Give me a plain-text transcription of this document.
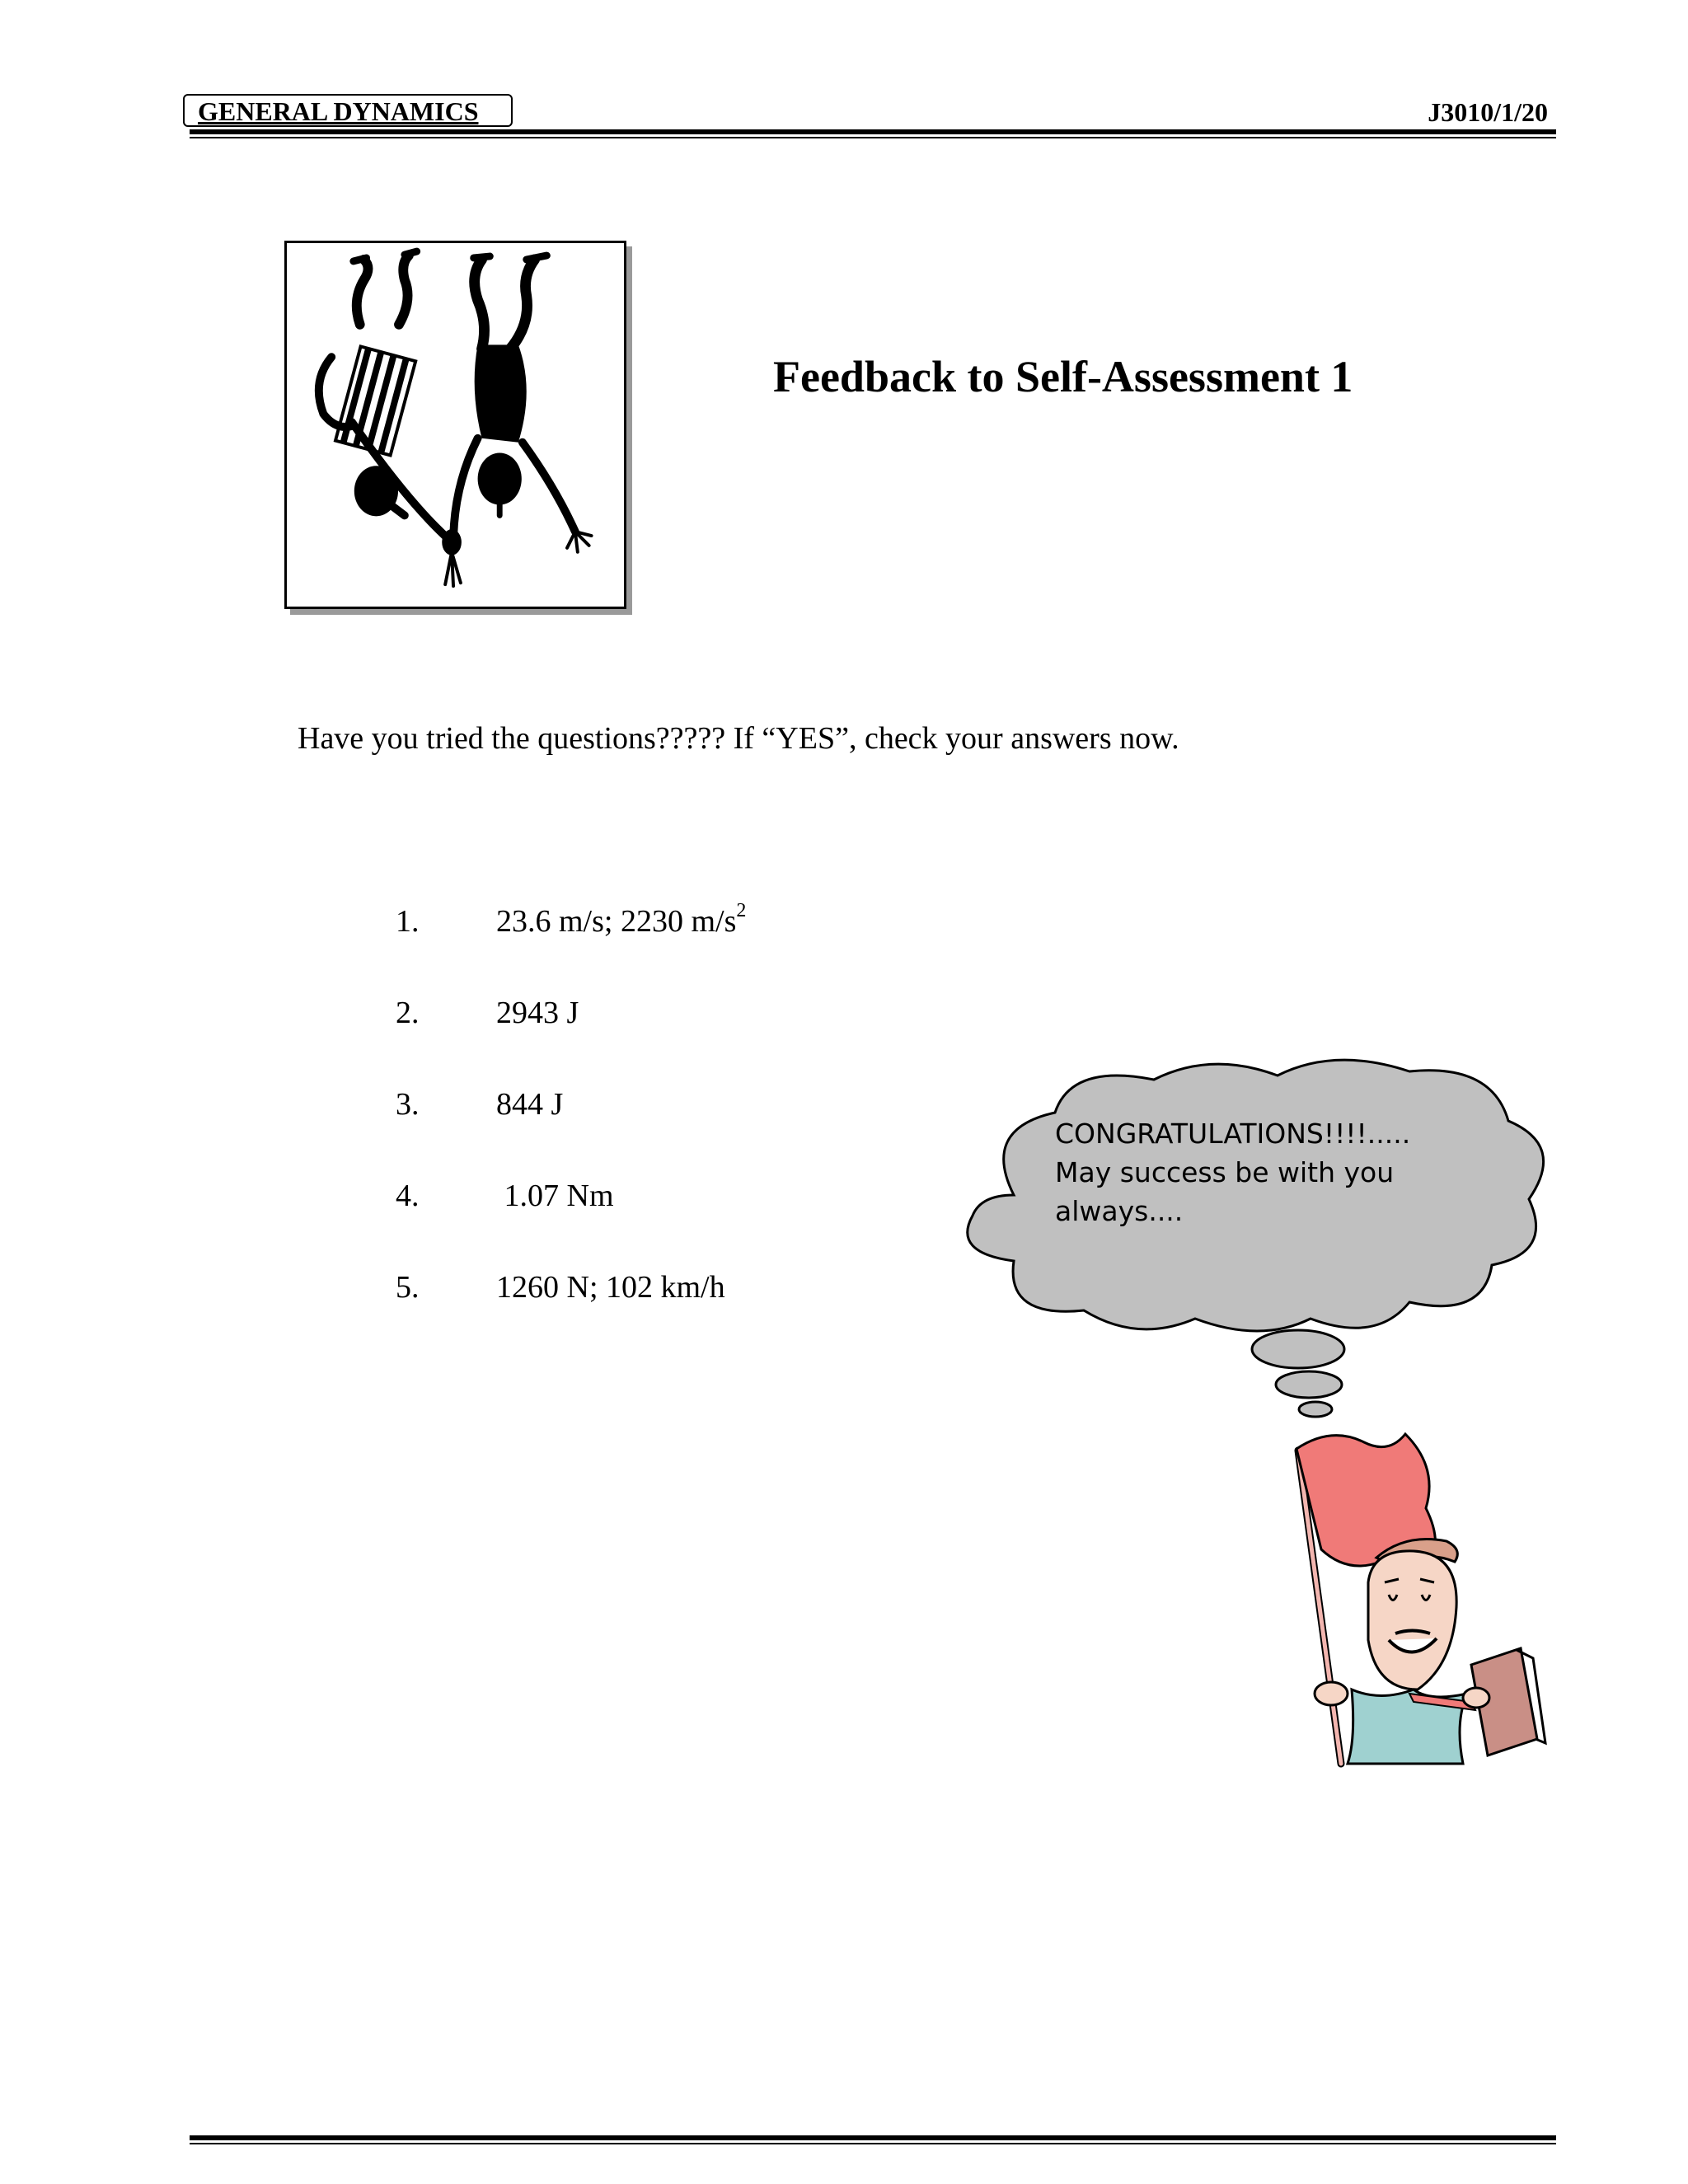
GENERAL DYNAMICS	J3010/1/20
Feedback to Self-Assessment 1
Have you tried the questions????? If “YES”, check your answers now.
1. 23.6 m/s; 2230 $m/s^2$
2. 2943 J
3. 844 J
4. 1.07 Nm
5. 1260 N; 102 km/h
CONGRATULATIONS!!!!.....
May success be with you
always....
